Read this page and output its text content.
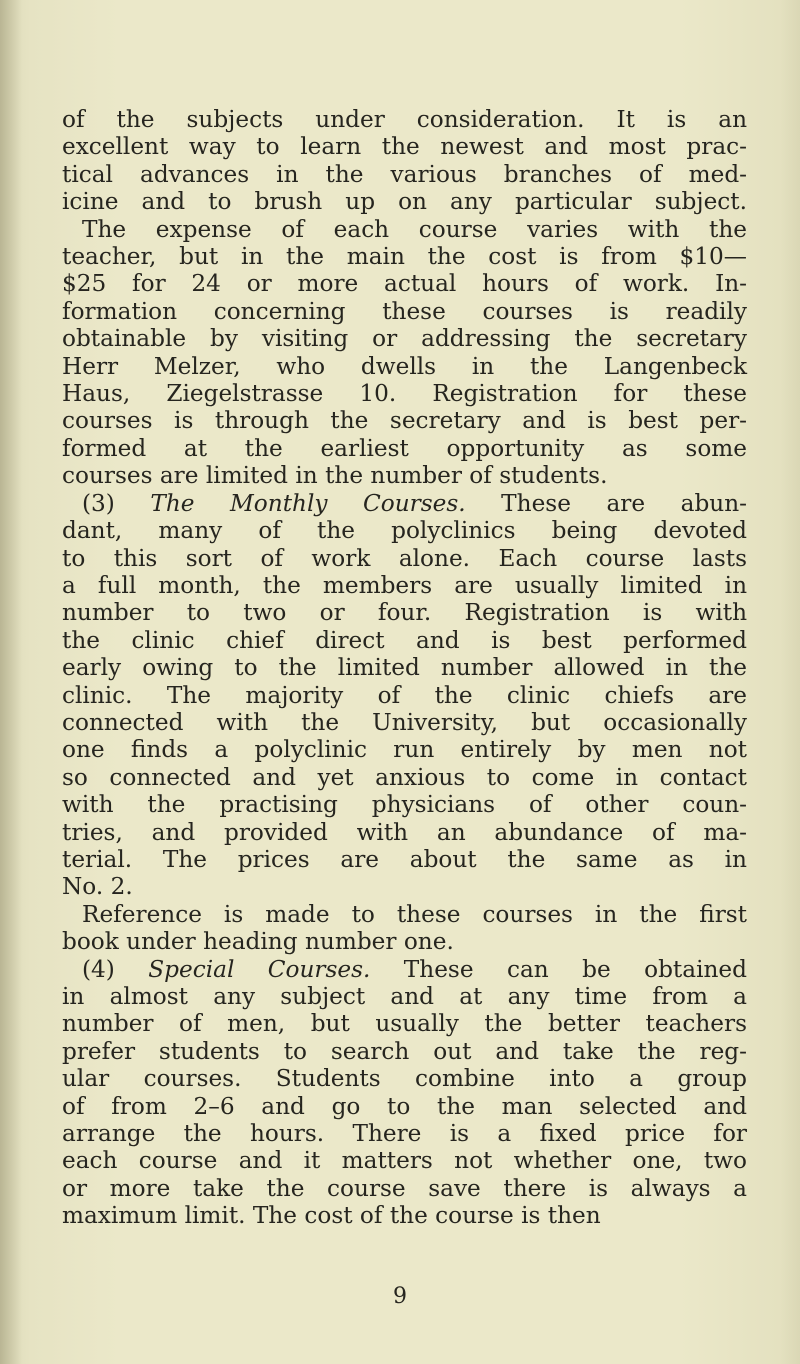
of the subjects under consideration. It is an
excellent way to learn the newest and most prac-
tical advances in the various branches of med-
icine and to brush up on any particular subject.
The expense of each course varies with the
teacher, but in the main the cost is from $10—
$25 for 24 or more actual hours of work. In-
formation concerning these courses is readily
obtainable by visiting or addressing the secretary
Herr Melzer, who dwells in the Langenbeck
Haus, Ziegelstrasse 10. Registration for these
courses is through the secretary and is best per-
formed at the earliest opportunity as some
courses are limited in the number of students.
(3) The Monthly Courses. These are abun-
dant, many of the polyclinics being devoted
to this sort of work alone. Each course lasts
a full month, the members are usually limited in
number to two or four. Registration is with
the clinic chief direct and is best performed
early owing to the limited number allowed in the
clinic. The majority of the clinic chiefs are
connected with the University, but occasionally
one finds a polyclinic run entirely by men not
so connected and yet anxious to come in contact
with the practising physicians of other coun-
tries, and provided with an abundance of ma-
terial. The prices are about the same as in
No. 2.
Reference is made to these courses in the first
book under heading number one.
(4) Special Courses. These can be obtained
in almost any subject and at any time from a
number of men, but usually the better teachers
prefer students to search out and take the reg-
ular courses. Students combine into a group
of from 2–6 and go to the man selected and
arrange the hours. There is a fixed price for
each course and it matters not whether one, two
or more take the course save there is always a
maximum limit. The cost of the course is then
9
